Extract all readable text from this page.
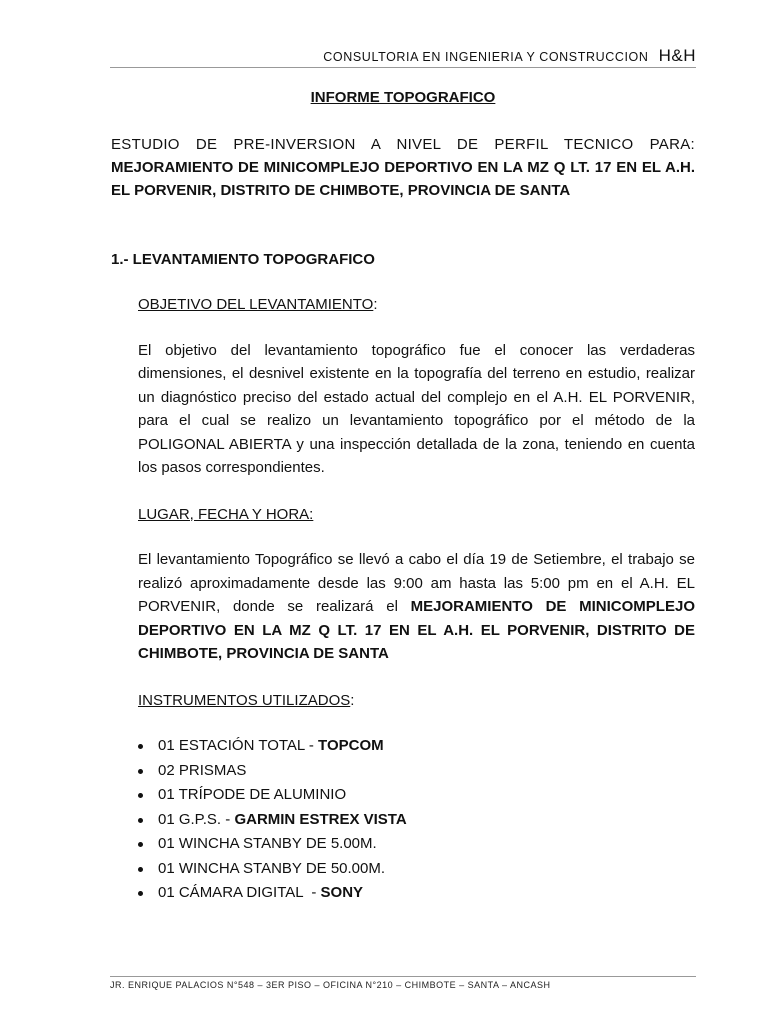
CONSULTORIA EN INGENIERIA Y CONSTRUCCION H&H

INFORME TOPOGRAFICO

ESTUDIO DE PRE-INVERSION A NIVEL DE PERFIL TECNICO PARA: MEJORAMIENTO DE MINICOMPLEJO DEPORTIVO EN LA MZ Q LT. 17 EN EL A.H. EL PORVENIR, DISTRITO DE CHIMBOTE, PROVINCIA DE SANTA

1.- LEVANTAMIENTO TOPOGRAFICO

OBJETIVO DEL LEVANTAMIENTO:

El objetivo del levantamiento topográfico fue el conocer las verdaderas dimensiones, el desnivel existente en la topografía del terreno en estudio, realizar un diagnóstico preciso del estado actual del complejo en el A.H. EL PORVENIR, para el cual se realizo un levantamiento topográfico por el método de la POLIGONAL ABIERTA y una inspección detallada de la zona, teniendo en cuenta los pasos correspondientes.

LUGAR, FECHA Y HORA:

El levantamiento Topográfico se llevó a cabo el día 19 de Setiembre, el trabajo se realizó aproximadamente desde las 9:00 am hasta las 5:00 pm en el A.H. EL PORVENIR, donde se realizará el MEJORAMIENTO DE MINICOMPLEJO DEPORTIVO EN LA MZ Q LT. 17 EN EL A.H. EL PORVENIR, DISTRITO DE CHIMBOTE, PROVINCIA DE SANTA

INSTRUMENTOS UTILIZADOS:

01 ESTACIÓN TOTAL - TOPCOM
02 PRISMAS
01 TRÍPODE DE ALUMINIO
01 G.P.S. - GARMIN ESTREX VISTA
01 WINCHA STANBY DE 5.00M.
01 WINCHA STANBY DE 50.00M.
01 CÁMARA DIGITAL  - SONY
JR. ENRIQUE PALACIOS N°548 – 3ER PISO – OFICINA N°210 – CHIMBOTE – SANTA – ANCASH
